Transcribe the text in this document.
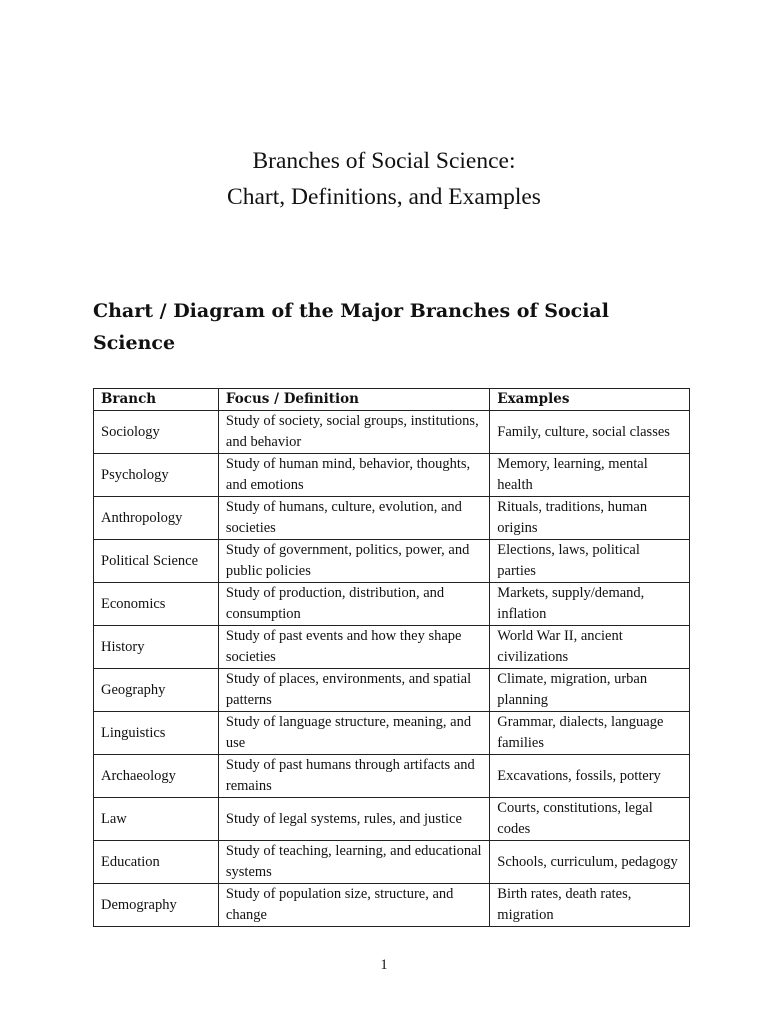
Branches of Social Science:
Chart, Definitions, and Examples
Chart / Diagram of the Major Branches of Social Science
Branch	Focus / Definition	Examples
Sociology	Study of society, social groups, institutions, and behavior	Family, culture, social classes
Psychology	Study of human mind, behavior, thoughts, and emotions	Memory, learning, mental health
Anthropology	Study of humans, culture, evolution, and societies	Rituals, traditions, human origins
Political Science	Study of government, politics, power, and public policies	Elections, laws, political parties
Economics	Study of production, distribution, and consumption	Markets, supply/demand, inflation
History	Study of past events and how they shape societies	World War II, ancient civilizations
Geography	Study of places, environments, and spatial patterns	Climate, migration, urban planning
Linguistics	Study of language structure, meaning, and use	Grammar, dialects, language families
Archaeology	Study of past humans through artifacts and remains	Excavations, fossils, pottery
Law	Study of legal systems, rules, and justice	Courts, constitutions, legal codes
Education	Study of teaching, learning, and educational systems	Schools, curriculum, pedagogy
Demography	Study of population size, structure, and change	Birth rates, death rates, migration
1
